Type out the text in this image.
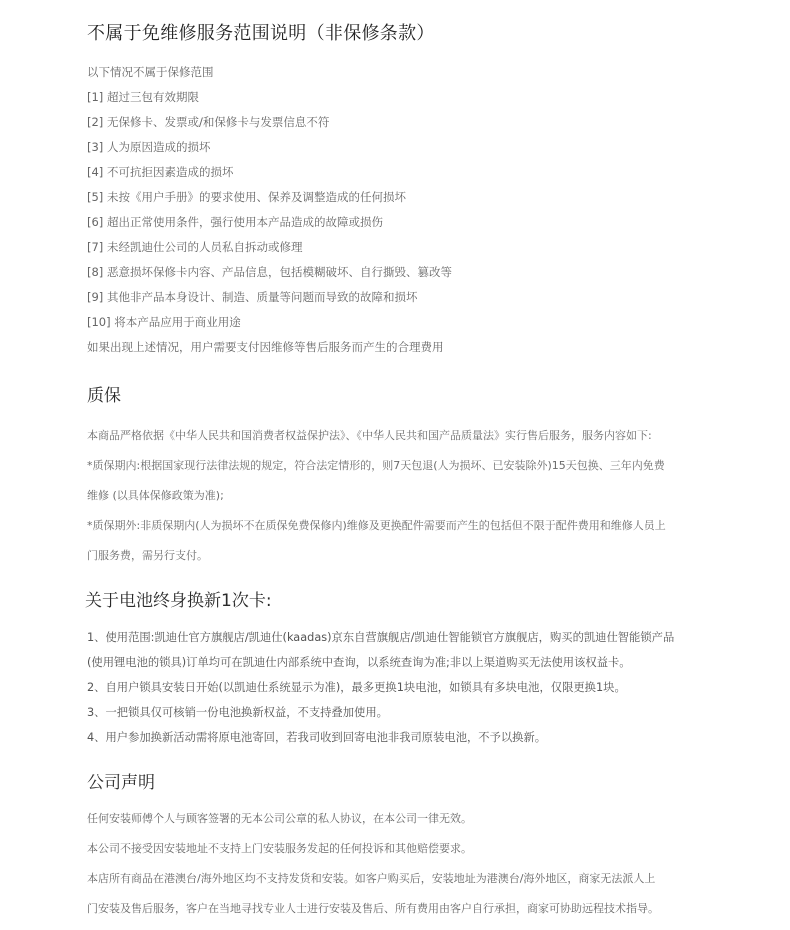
不属于免维修服务范围说明（非保修条款）
以下情况不属于保修范围
[1] 超过三包有效期限
[2] 无保修卡、发票或/和保修卡与发票信息不符
[3] 人为原因造成的损坏
[4] 不可抗拒因素造成的损坏
[5] 未按《用户手册》的要求使用、保养及调整造成的任何损坏
[6] 超出正常使用条件，强行使用本产品造成的故障或损伤
[7] 未经凯迪仕公司的人员私自拆动或修理
[8] 恶意损坏保修卡内容、产品信息，包括模糊破坏、自行撕毁、篡改等
[9] 其他非产品本身设计、制造、质量等问题而导致的故障和损坏
[10] 将本产品应用于商业用途
如果出现上述情况，用户需要支付因维修等售后服务而产生的合理费用
质保
本商品严格依据《中华人民共和国消费者权益保护法》、《中华人民共和国产品质量法》实行售后服务，服务内容如下:
*质保期内:根据国家现行法律法规的规定，符合法定情形的，则7天包退(人为损坏、已安装除外)15天包换、三年内免费
维修 (以具体保修政策为准);
*质保期外:非质保期内(人为损坏不在质保免费保修内)维修及更换配件需要而产生的包括但不限于配件费用和维修人员上
门服务费，需另行支付。
关于电池终身换新1次卡:
1、使用范围:凯迪仕官方旗舰店/凯迪仕(kaadas)京东自营旗舰店/凯迪仕智能锁官方旗舰店，购买的凯迪仕智能锁产品
(使用锂电池的锁具)订单均可在凯迪仕内部系统中查询，以系统查询为准;非以上渠道购买无法使用该权益卡。
2、自用户锁具安装日开始(以凯迪仕系统显示为准)，最多更换1块电池，如锁具有多块电池，仅限更换1块。
3、一把锁具仅可核销一份电池换新权益，不支持叠加使用。
4、用户参加换新活动需将原电池寄回，若我司收到回寄电池非我司原装电池，不予以换新。
公司声明
任何安装师傅个人与顾客签署的无本公司公章的私人协议，在本公司一律无效。
本公司不接受因安装地址不支持上门安装服务发起的任何投诉和其他赔偿要求。
本店所有商品在港澳台/海外地区均不支持发货和安装。如客户购买后，安装地址为港澳台/海外地区，商家无法派人上
门安装及售后服务，客户在当地寻找专业人士进行安装及售后、所有费用由客户自行承担，商家可协助远程技术指导。
